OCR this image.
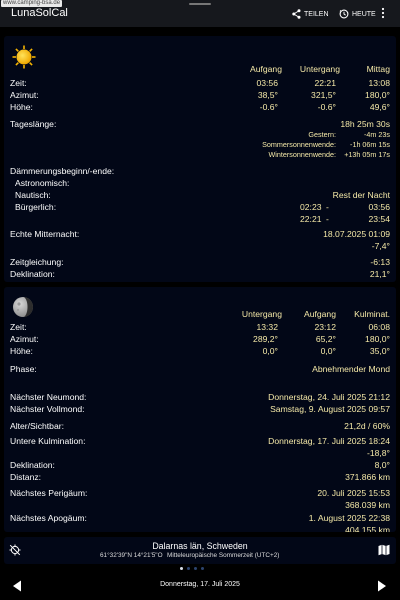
www.camping-bsa.de
LunaSolCal	TEILEN	HEUTE
Aufgang	Untergang	Mittag
Zeit:	03:56	22:21	13:08
Azimut:	38,5°	321,5°	180,0°
Höhe:	-0.6°	-0.6°	49,6°
Tageslänge:	18h 25m 30s
Gestern:	-4m 23s
Sommersonnenwende:	-1h 06m 15s
Wintersonnenwende:	+13h 05m 17s
Dämmerungsbeginn/-ende:
Astronomisch:
Nautisch:	Rest der Nacht
Bürgerlich:	02:23 -	03:56
22:21 -	23:54
Echte Mitternacht:	18.07.2025 01:09
-7,4°
Zeitgleichung:	-6:13
Deklination:	21,1°
Untergang	Aufgang	Kulminat.
Zeit:	13:32	23:12	06:08
Azimut:	289,2°	65,2°	180,0°
Höhe:	0,0°	0,0°	35,0°
Phase:	Abnehmender Mond
Nächster Neumond:	Donnerstag, 24. Juli 2025 21:12
Nächster Vollmond:	Samstag, 9. August 2025 09:57
Alter/Sichtbar:	21,2d / 60%
Untere Kulmination:	Donnerstag, 17. Juli 2025 18:24
-18,8°
Deklination:	8,0°
Distanz:	371.866 km
Nächstes Perigäum:	20. Juli 2025 15:53
368.039 km
Nächstes Apogäum:	1. August 2025 22:38
404.155 km
Dalarnas län, Schweden
61°32'39"N 14°21'5"O Mitteleuropäische Sommerzeit (UTC+2)
Donnerstag, 17. Juli 2025
